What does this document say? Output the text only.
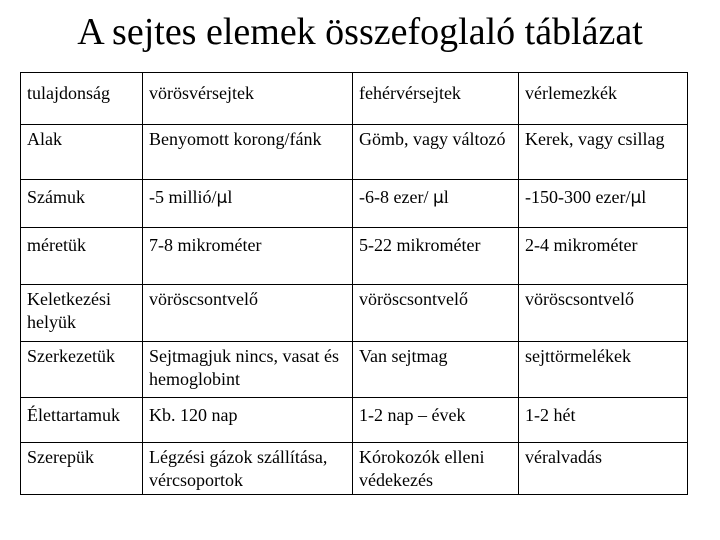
A sejtes elemek összefoglaló táblázat
tulajdonság	vörösvérsejtek	fehérvérsejtek	vérlemezkék
Alak	Benyomott korong/fánk	Gömb, vagy változó	Kerek, vagy csillag
Számuk	-5 millió/μl	-6-8 ezer/ μl	-150-300 ezer/μl
méretük	7-8 mikrométer	5-22 mikrométer	2-4 mikrométer
Keletkezési helyük	vöröscsontvelő	vöröscsontvelő	vöröscsontvelő
Szerkezetük	Sejtmagjuk nincs, vasat és hemoglobint	Van sejtmag	sejttörmelékek
Élettartamuk	Kb. 120 nap	1-2 nap – évek	1-2 hét
Szerepük	Légzési gázok szállítása, vércsoportok	Kórokozók elleni védekezés	véralvadás
